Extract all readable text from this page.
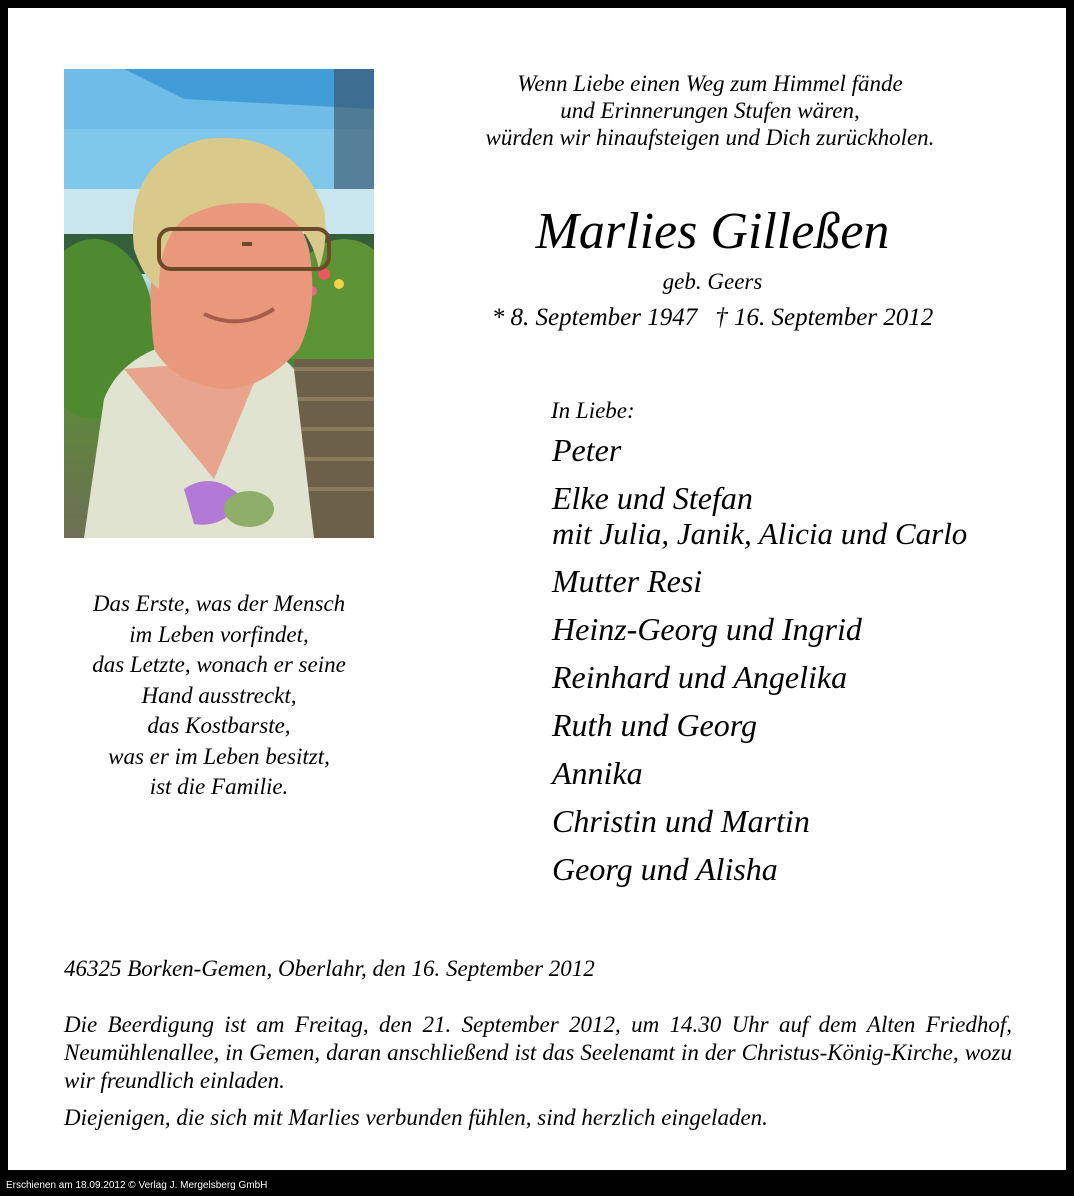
Wenn Liebe einen Weg zum Himmel fände
und Erinnerungen Stufen wären,
würden wir hinaufsteigen und Dich zurückholen.
Marlies Gilleßen
geb. Geers
* 8. September 1947 † 16. September 2012
In Liebe:
Peter
Elke und Stefan
mit Julia, Janik, Alicia und Carlo
Mutter Resi
Heinz-Georg und Ingrid
Reinhard und Angelika
Ruth und Georg
Annika
Christin und Martin
Georg und Alisha
Das Erste, was der Mensch
im Leben vorfindet,
das Letzte, wonach er seine
Hand ausstreckt,
das Kostbarste,
was er im Leben besitzt,
ist die Familie.
46325 Borken-Gemen, Oberlahr, den 16. September 2012
Die Beerdigung ist am Freitag, den 21. September 2012, um 14.30 Uhr auf dem Alten Friedhof, Neumühlenallee, in Gemen, daran anschließend ist das Seelenamt in der Christus-König-Kirche, wozu wir freundlich einladen.
Diejenigen, die sich mit Marlies verbunden fühlen, sind herzlich eingeladen.
Erschienen am 18.09.2012 © Verlag J. Mergelsberg GmbH
